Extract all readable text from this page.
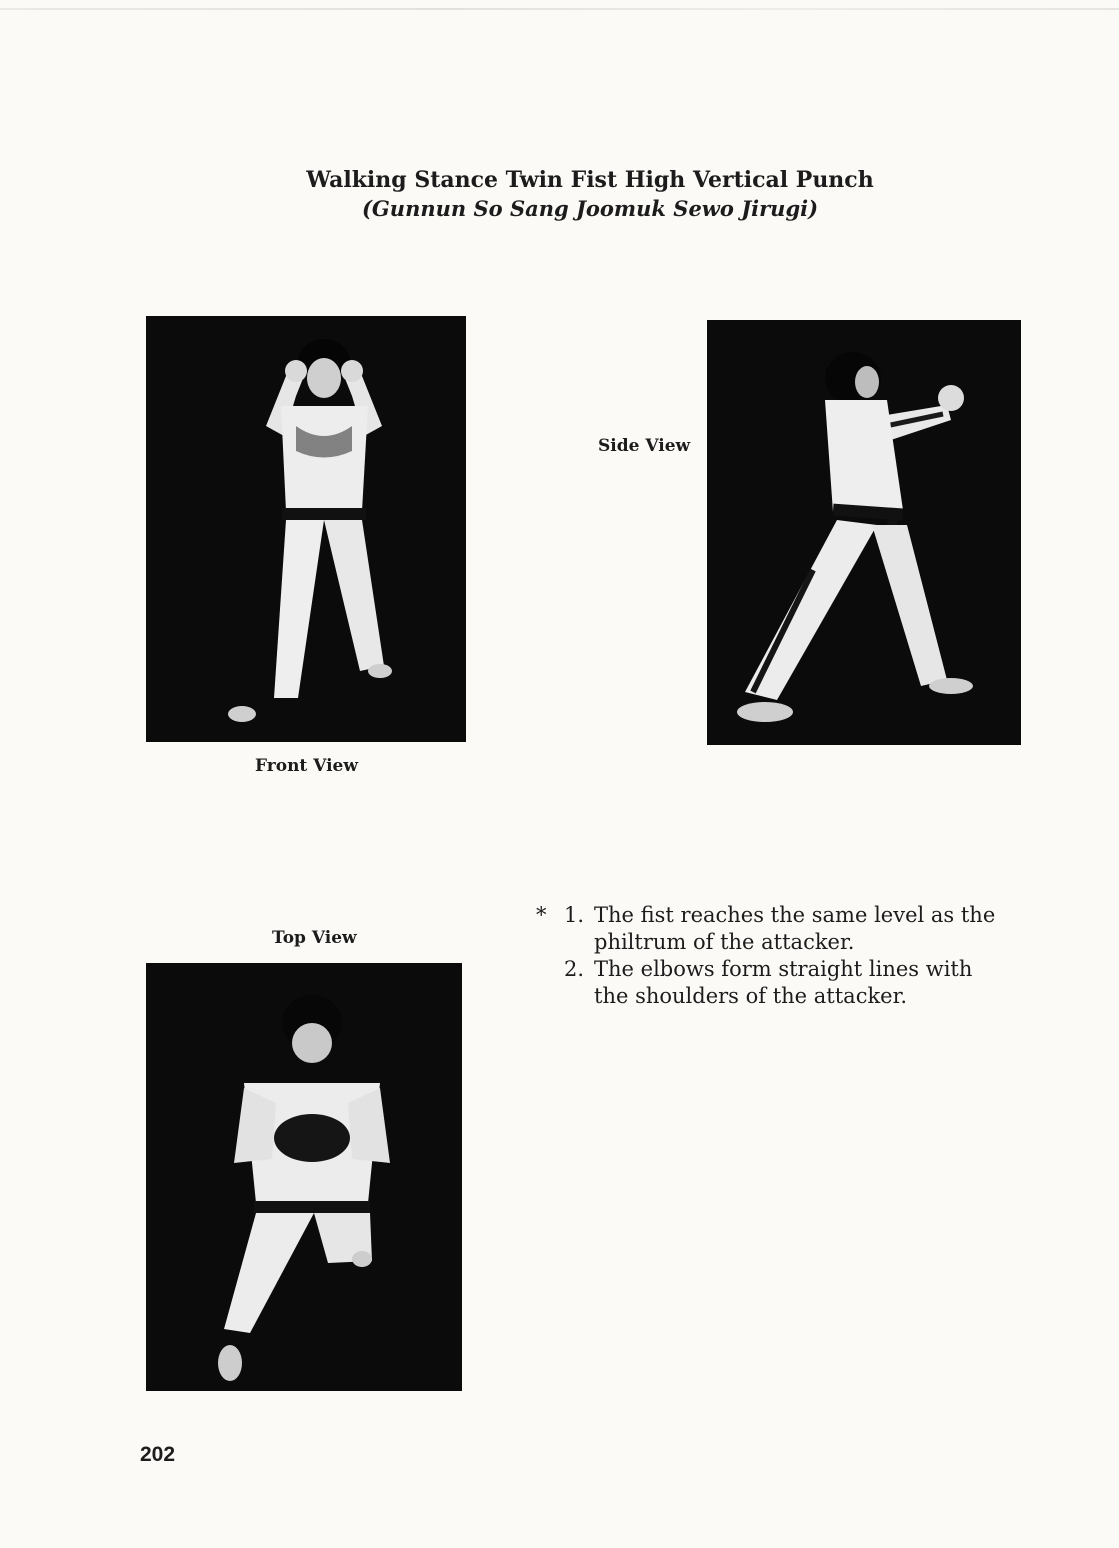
Walking Stance Twin Fist High Vertical Punch
(Gunnun So Sang Joomuk Sewo Jirugi)
Front View
Side View
Top View
* 1. The fist reaches the same level as the
philtrum of the attacker.
2. The elbows form straight lines with
the shoulders of the attacker.
202
